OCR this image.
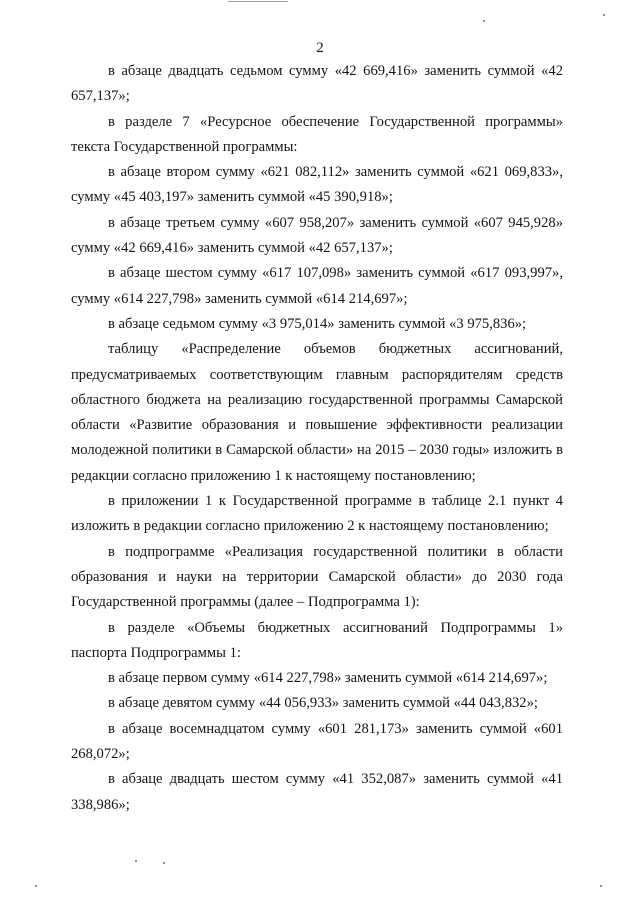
2

в абзаце двадцать седьмом сумму «42 669,416» заменить суммой «42 657,137»;

в разделе 7 «Ресурсное обеспечение Государственной программы» текста Государственной программы:

в абзаце втором сумму «621 082,112» заменить суммой «621 069,833», сумму «45 403,197» заменить суммой «45 390,918»;

в абзаце третьем сумму «607 958,207» заменить суммой «607 945,928» сумму «42 669,416» заменить суммой «42 657,137»;

в абзаце шестом сумму «617 107,098» заменить суммой «617 093,997», сумму «614 227,798» заменить суммой «614 214,697»;

в абзаце седьмом сумму «3 975,014» заменить суммой «3 975,836»;

таблицу «Распределение объемов бюджетных ассигнований, предусматриваемых соответствующим главным распорядителям средств областного бюджета на реализацию государственной программы Самарской области «Развитие образования и повышение эффективности реализации молодежной политики в Самарской области» на 2015 – 2030 годы» изложить в редакции согласно приложению 1 к настоящему постановлению;

в приложении 1 к Государственной программе в таблице 2.1 пункт 4 изложить в редакции согласно приложению 2 к настоящему постановлению;

в подпрограмме «Реализация государственной политики в области образования и науки на территории Самарской области» до 2030 года Государственной программы (далее – Подпрограмма 1):

в разделе «Объемы бюджетных ассигнований Подпрограммы 1» паспорта Подпрограммы 1:

в абзаце первом сумму «614 227,798» заменить суммой «614 214,697»;

в абзаце девятом сумму «44 056,933» заменить суммой «44 043,832»;

в абзаце восемнадцатом сумму «601 281,173» заменить суммой «601 268,072»;

в абзаце двадцать шестом сумму «41 352,087» заменить суммой «41 338,986»;
